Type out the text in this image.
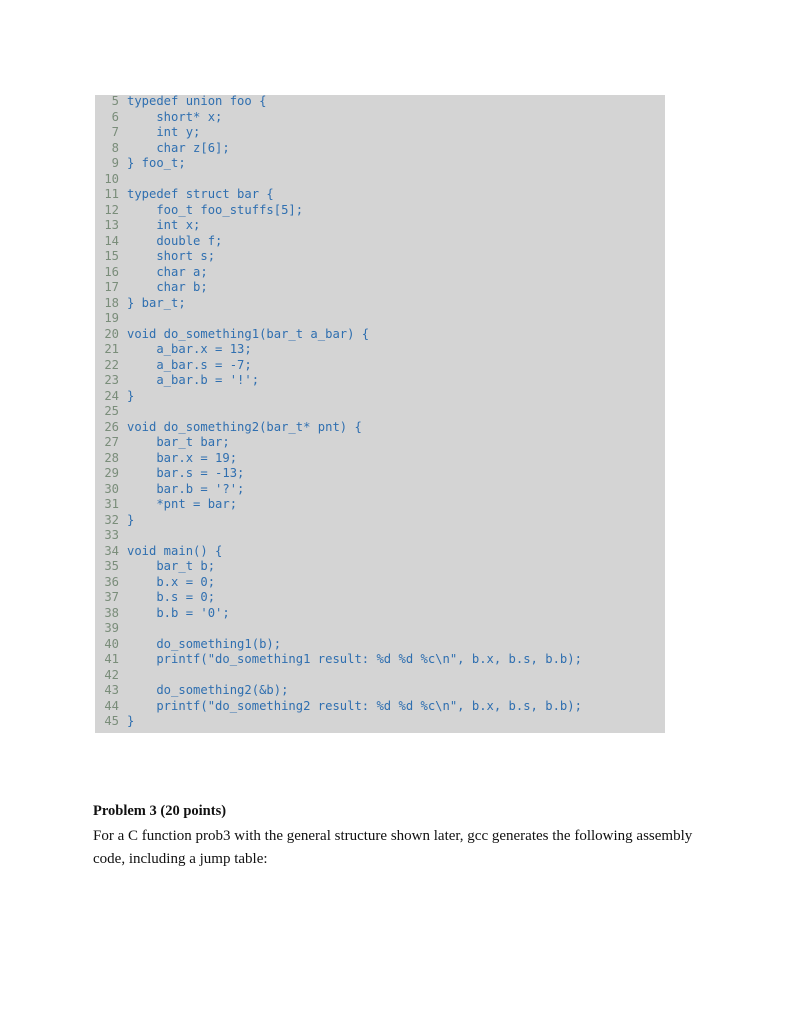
5 typedef union foo {
6 short* x;
7 int y;
8 char z[6];
9 } foo_t;
10
11 typedef struct bar {
12 foo_t foo_stuffs[5];
13 int x;
14 double f;
15 short s;
16 char a;
17 char b;
18 } bar_t;
19
20 void do_something1(bar_t a_bar) {
21 a_bar.x = 13;
22 a_bar.s = -7;
23 a_bar.b = '!';
24 }
25
26 void do_something2(bar_t* pnt) {
27 bar_t bar;
28 bar.x = 19;
29 bar.s = -13;
30 bar.b = '?';
31 *pnt = bar;
32 }
33
34 void main() {
35 bar_t b;
36 b.x = 0;
37 b.s = 0;
38 b.b = '0';
39
40 do_something1(b);
41 printf("do_something1 result: %d %d %c\n", b.x, b.s, b.b);
42
43 do_something2(&b);
44 printf("do_something2 result: %d %d %c\n", b.x, b.s, b.b);
45 }
Problem 3 (20 points)
For a C function prob3 with the general structure shown later, gcc generates the following assembly code, including a jump table:
